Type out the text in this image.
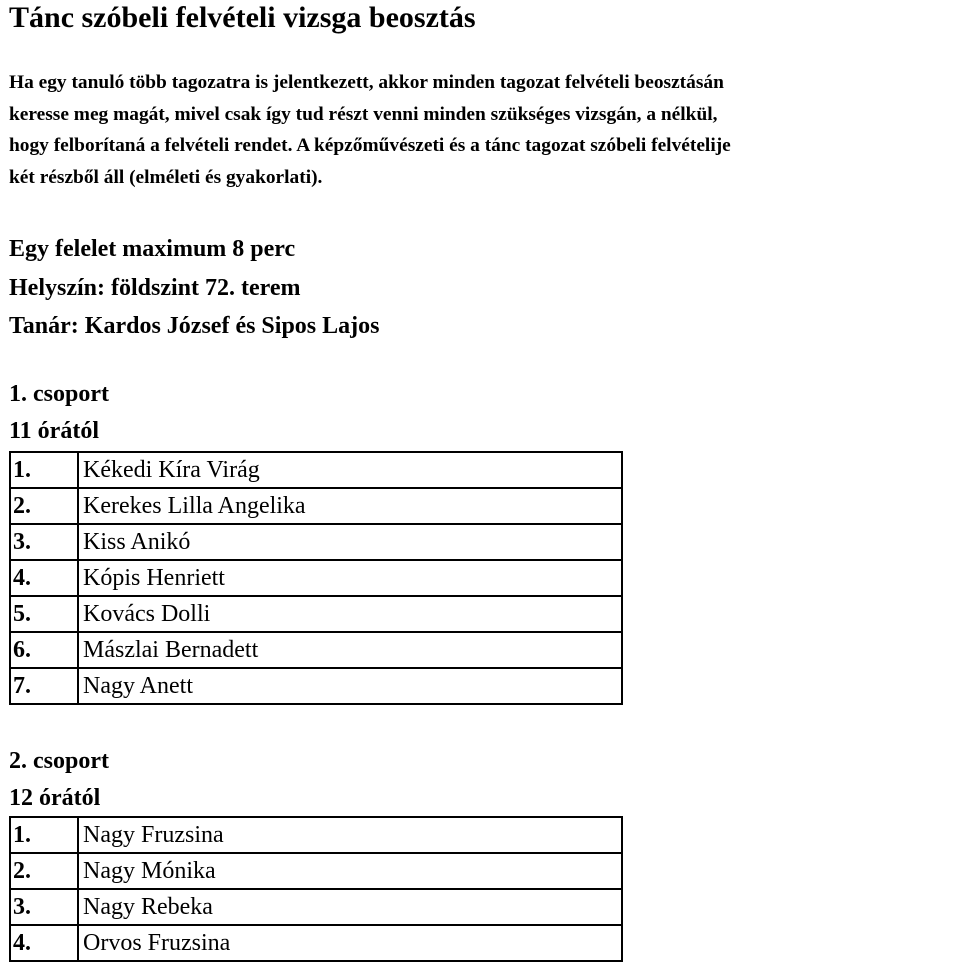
Tánc szóbeli felvételi vizsga beosztás

Ha egy tanuló több tagozatra is jelentkezett, akkor minden tagozat felvételi beosztásán
keresse meg magát, mivel csak így tud részt venni minden szükséges vizsgán, a nélkül,
hogy felborítaná a felvételi rendet. A képzőművészeti és a tánc tagozat szóbeli felvételije
két részből áll (elméleti és gyakorlati).

Egy felelet maximum 8 perc
Helyszín: földszint 72. terem
Tanár: Kardos József és Sipos Lajos
1. csoport
11 órától
1.	Kékedi Kíra Virág
2.	Kerekes Lilla Angelika
3.	Kiss Anikó
4.	Kópis Henriett
5.	Kovács Dolli
6.	Mászlai Bernadett
7.	Nagy Anett
2. csoport
12 órától
1.	Nagy Fruzsina
2.	Nagy Mónika
3.	Nagy Rebeka
4.	Orvos Fruzsina
